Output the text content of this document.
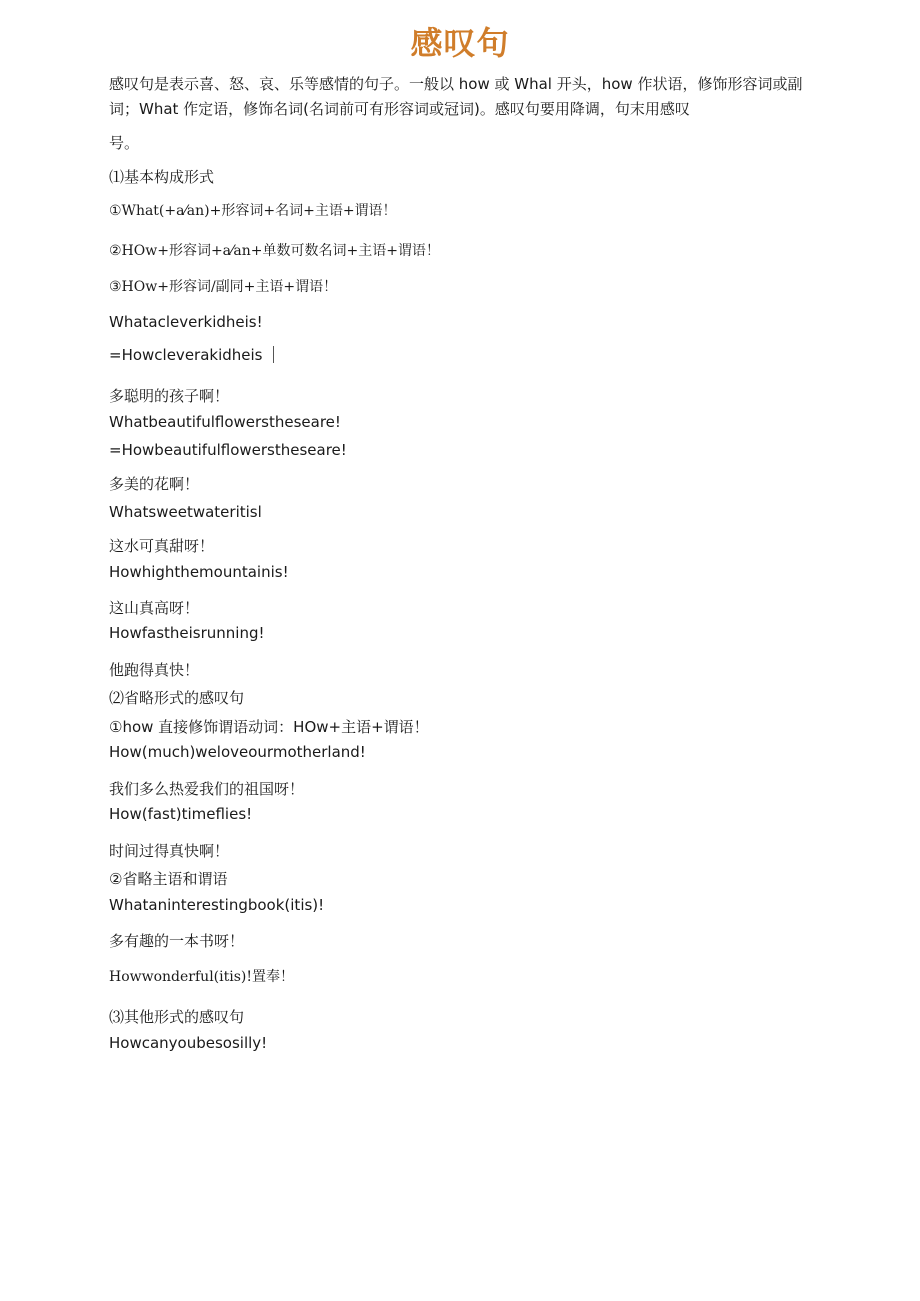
感叹句
感叹句是表示喜、怒、哀、乐等感情的句子。一般以 how 或 Whal 开头，how 作状语，修饰形容词或副词；What 作定语，修饰名词(名词前可有形容词或冠词)。感叹句要用降调，句末用感叹
号。
⑴基本构成形式
①What(+a⁄an)+形容词+名词+主语+谓语！
②HOw+形容词+a⁄an+单数可数名词+主语+谓语！
③HOw+形容词/副同+主语+谓语！
Whatacleverkidheis!
=Howcleverakidheis
多聪明的孩子啊！
Whatbeautifulflowerstheseare!
=Howbeautifulflowerstheseare!
多美的花啊！
Whatsweetwateritisl
这水可真甜呀！
Howhighthemountainis!
这山真高呀！
Howfastheisrunning!
他跑得真快！
⑵省略形式的感叹句
①how 直接修饰谓语动词：HOw+主语+谓语！
How(much)weloveourmotherland!
我们多么热爱我们的祖国呀！
How(fast)timeflies!
时间过得真快啊！
②省略主语和谓语
Whataninterestingbook(itis)!
多有趣的一本书呀！
Howwonderful(itis)!置奉！
⑶其他形式的感叹句
Howcanyoubesosilly!
